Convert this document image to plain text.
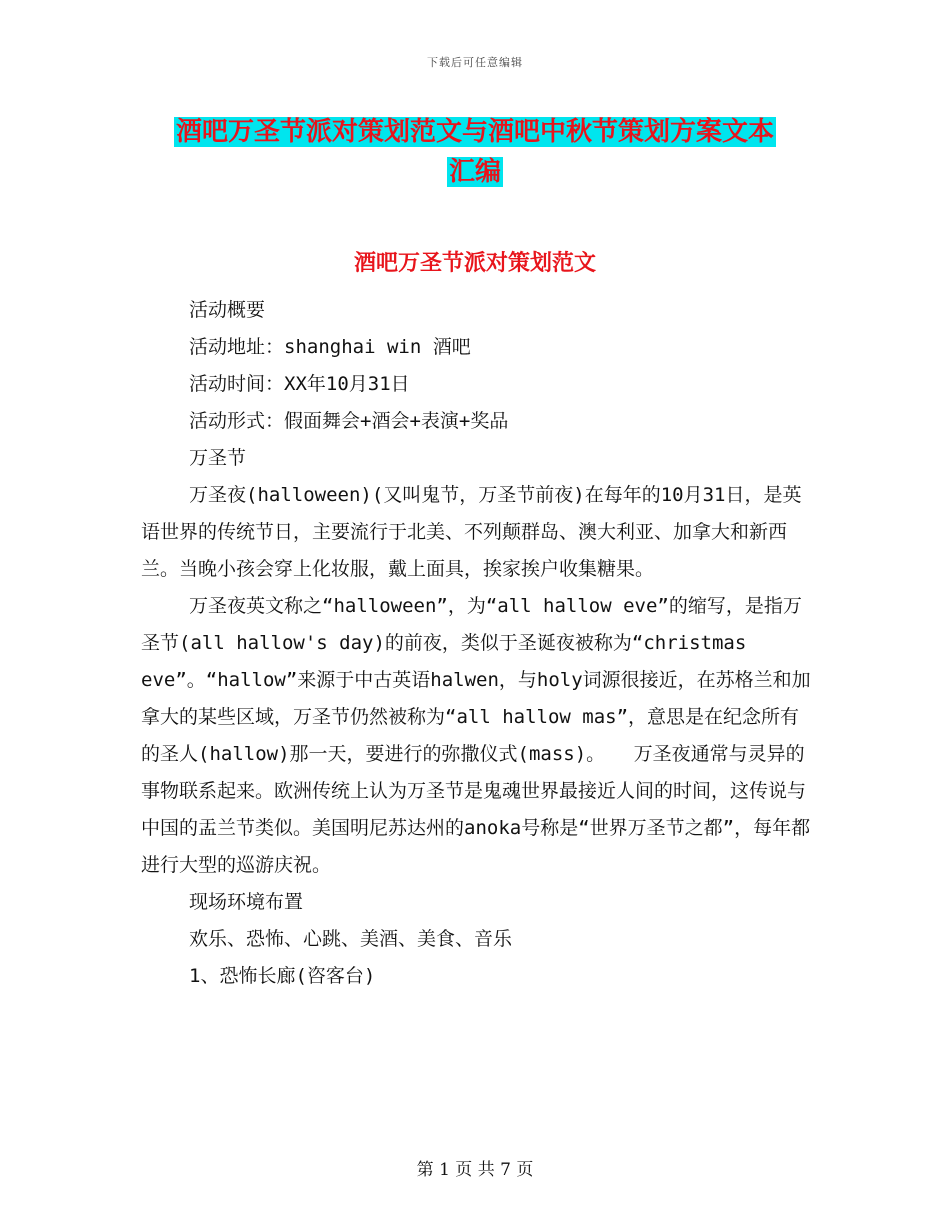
下载后可任意编辑
酒吧万圣节派对策划范文与酒吧中秋节策划方案文本
汇编
酒吧万圣节派对策划范文

活动概要

活动地址：shanghai win 酒吧

活动时间：XX年10月31日

活动形式：假面舞会+酒会+表演+奖品

万圣节

万圣夜(halloween)(又叫鬼节，万圣节前夜)在每年的10月31日，是英语世界的传统节日，主要流行于北美、不列颠群岛、澳大利亚、加拿大和新西兰。当晚小孩会穿上化妆服，戴上面具，挨家挨户收集糖果。

万圣夜英文称之“halloween”，为“all hallow eve”的缩写，是指万圣节(all hallow's day)的前夜，类似于圣诞夜被称为“christmas eve”。“hallow”来源于中古英语halwen，与holy词源很接近，在苏格兰和加拿大的某些区域，万圣节仍然被称为“all hallow mas”，意思是在纪念所有的圣人(hallow)那一天，要进行的弥撒仪式(mass)。　　万圣夜通常与灵异的事物联系起来。欧洲传统上认为万圣节是鬼魂世界最接近人间的时间，这传说与中国的盂兰节类似。美国明尼苏达州的anoka号称是“世界万圣节之都”，每年都进行大型的巡游庆祝。

现场环境布置

欢乐、恐怖、心跳、美酒、美食、音乐

1、恐怖长廊(咨客台)

第 1 页 共 7 页
